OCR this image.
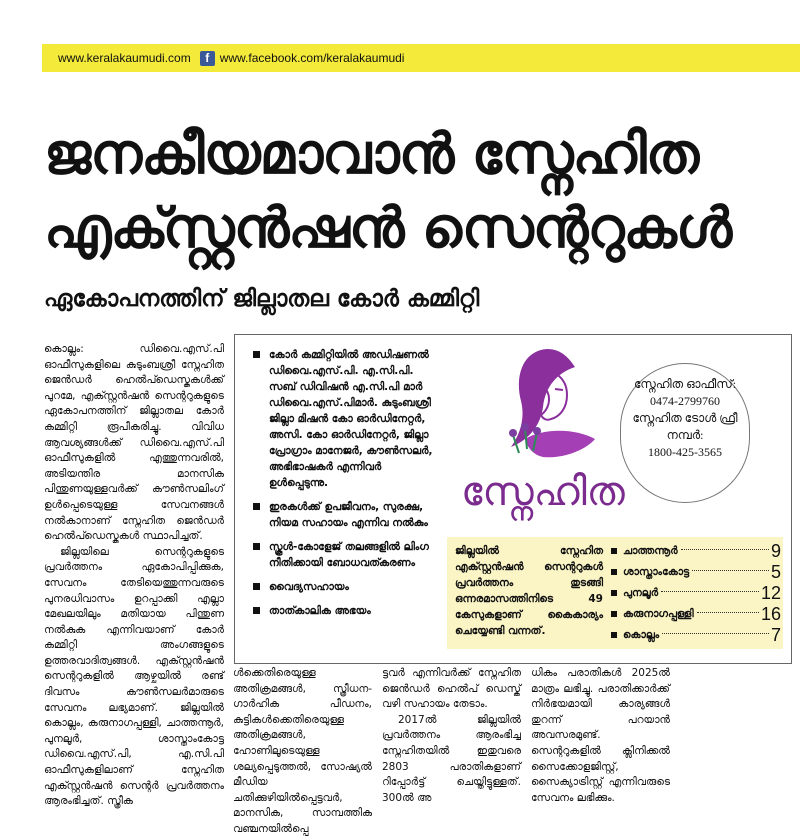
www.keralakaumudi.com	f www.facebook.com/keralakaumudi
ജനകീയമാവാൻ സ്നേഹിത
എക്സ്റ്റൻഷൻ സെന്ററുകൾ
ഏകോപനത്തിന് ജില്ലാതല കോർ കമ്മിറ്റി

കൊല്ലം: ഡിവൈ.എസ്.പി ഓഫീസുകളിലെ കുടുംബശ്രീ സ്നേഹിത ജെൻഡർ ഹെൽപ്ഡെസ്കുകൾക്ക് പുറമേ, എക്സ്റ്റൻഷൻ സെന്ററുകളുടെ ഏകോപനത്തിന് ജില്ലാതല കോർ കമ്മിറ്റി രൂപീകരിച്ചു. വിവിധ ആവശ്യങ്ങൾക്ക് ഡിവൈ.എസ്.പി ഓഫീസുകളിൽ എത്തുന്നവരിൽ, അടിയന്തിര മാനസിക പിന്തുണയുള്ളവർക്ക് കൗൺസലിംഗ് ഉൾപ്പെടെയുള്ള സേവനങ്ങൾ നൽകാനാണ് സ്നേഹിത ജെൻഡർ ഹെൽപ്ഡെസ്കുകൾ സ്ഥാപിച്ചത്.

ജില്ലയിലെ സെന്ററുകളുടെ പ്രവർത്തനം ഏകോപിപ്പിക്കുക, സേവനം തേടിയെത്തുന്നവരുടെ പുനരധിവാസം ഉറപ്പാക്കി എല്ലാ മേഖലയിലും മതിയായ പിന്തുണ നൽകുക എന്നിവയാണ് കോർ കമ്മിറ്റി അംഗങ്ങളുടെ ഉത്തരവാദിത്വങ്ങൾ. എക്സ്റ്റൻഷൻ സെന്ററുകളിൽ ആഴ്ചയിൽ രണ്ട് ദിവസം കൗൺസലർമാരുടെ സേവനം ലഭ്യമാണ്. ജില്ലയിൽ കൊല്ലം, കരുനാഗപ്പള്ളി, ചാത്തന്നൂർ, പുനലൂർ, ശാസ്താംകോട്ട ഡിവൈ.എസ്.പി, എ.സി.പി ഓഫീസുകളിലാണ് സ്നേഹിത എക്സ്റ്റൻഷൻ സെന്റർ പ്രവർത്തനം ആരംഭിച്ചത്. സ്ത്രീക

കോർ കമ്മിറ്റിയിൽ അഡിഷണൽ ഡിവൈ.എസ്.പി. എ.സി.പി. സബ് ഡിവിഷൻ എ.സി.പി മാർ ഡിവൈ.എസ്.പിമാർ. കുടുംബശ്രീ ജില്ലാ മിഷൻ കോ ഓർഡിനേറ്റർ, അസി. കോ ഓർഡിനേറ്റർ, ജില്ലാ പ്രോഗ്രാം മാനേജർ, കൗൺസലർ, അഭിഭാഷകർ എന്നിവർ ഉൾപ്പെടുന്നു.
ഇരകൾക്ക് ഉപജീവനം, സുരക്ഷ, നിയമ സഹായം എന്നിവ നൽകും
സ്കൂൾ-കോളേജ് തലങ്ങളിൽ ലിംഗ നീതിക്കായി ബോധവത്കരണം
വൈദ്യസഹായം
താത്കാലിക അഭയം
സ്നേഹിത
സ്നേഹിത ഓഫീസ്:
0474-2799760
സ്നേഹിത ടോൾ ഫ്രീ നമ്പർ:
1800-425-3565
ജില്ലയിൽ സ്നേഹിത എക്സ്റ്റൻഷൻ സെന്ററുകൾ പ്രവർത്തനം തുടങ്ങി ഒന്നരമാസത്തിനിടെ 49 കേസുകളാണ് കൈകാര്യം ചെയ്യേണ്ടി വന്നത്.
ചാത്തന്നൂർ	9
ശാസ്താംകോട്ട	5
പുനലൂർ	12
കരുനാഗപ്പള്ളി	16
കൊല്ലം	7

ൾക്കെതിരെയുള്ള അതിക്രമങ്ങൾ, സ്ത്രീധന- ഗാർഹിക പീഡനം, കുട്ടികൾക്കെതിരെയുള്ള അതിക്രമങ്ങൾ, ഹോണിലൂടെയുള്ള ശല്യപ്പെടുത്തൽ, സോഷ്യൽ മീഡിയ ചതിക്കുഴിയിൽപ്പെട്ടവർ, മാനസിക, സാമ്പത്തിക വഞ്ചനയിൽപ്പെ

ട്ടവർ എന്നിവർക്ക് സ്നേഹിത ജെൻഡർ ഹെൽപ് ഡെസ്ക് വഴി സഹായം തേടാം.

2017ൽ ജില്ലയിൽ പ്രവർത്തനം ആരംഭിച്ച സ്നേഹിതയിൽ ഇതുവരെ 2803 പരാതികളാണ് റിപ്പോർട്ട് ചെയ്തിട്ടുള്ളത്. 300ൽ അ

ധികം പരാതികൾ 2025ൽ മാത്രം ലഭിച്ചു. പരാതിക്കാർക്ക് നിർഭയമായി കാര്യങ്ങൾ തുറന്ന് പറയാൻ അവസരമുണ്ട്. സെന്ററുകളിൽ ക്ലിനിക്കൽ സൈക്കോളജിസ്റ്റ്, സൈക്യാട്രിസ്റ്റ് എന്നിവരുടെ സേവനം ലഭിക്കും.
